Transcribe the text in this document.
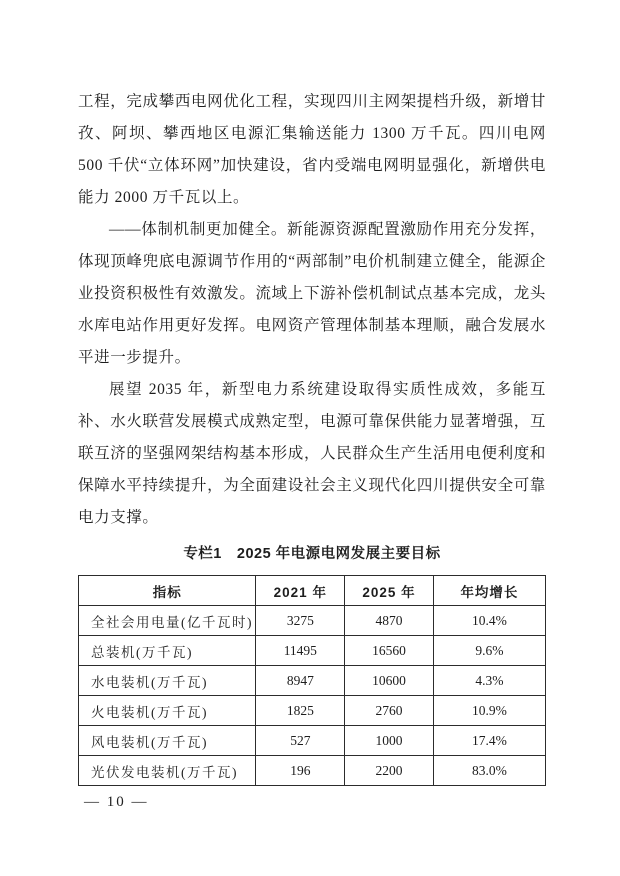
工程，完成攀西电网优化工程，实现四川主网架提档升级，新增甘孜、阿坝、攀西地区电源汇集输送能力 1300 万千瓦。四川电网 500 千伏“立体环网”加快建设，省内受端电网明显强化，新增供电能力 2000 万千瓦以上。

——体制机制更加健全。新能源资源配置激励作用充分发挥，体现顶峰兜底电源调节作用的“两部制”电价机制建立健全，能源企业投资积极性有效激发。流域上下游补偿机制试点基本完成，龙头水库电站作用更好发挥。电网资产管理体制基本理顺，融合发展水平进一步提升。

展望 2035 年，新型电力系统建设取得实质性成效，多能互补、水火联营发展模式成熟定型，电源可靠保供能力显著增强，互联互济的坚强网架结构基本形成，人民群众生产生活用电便利度和保障水平持续提升，为全面建设社会主义现代化四川提供安全可靠电力支撑。

专栏1　2025 年电源电网发展主要目标
指标	2021 年	2025 年	年均增长
全社会用电量(亿千瓦时)	3275	4870	10.4%
总装机(万千瓦)	11495	16560	9.6%
水电装机(万千瓦)	8947	10600	4.3%
火电装机(万千瓦)	1825	2760	10.9%
风电装机(万千瓦)	527	1000	17.4%
光伏发电装机(万千瓦)	196	2200	83.0%
— 10 —
